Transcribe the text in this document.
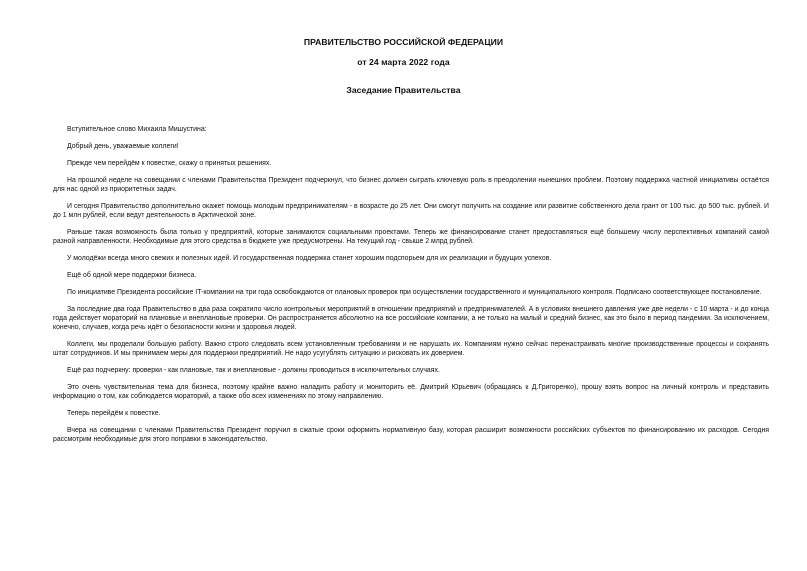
ПРАВИТЕЛЬСТВО РОССИЙСКОЙ ФЕДЕРАЦИИ
от 24 марта 2022 года
Заседание Правительства

Вступительное слово Михаила Мишустина:

Добрый день, уважаемые коллеги!

Прежде чем перейдём к повестке, скажу о принятых решениях.

На прошлой неделе на совещании с членами Правительства Президент подчеркнул, что бизнес должен сыграть ключевую роль в преодолении нынешних проблем. Поэтому поддержка частной инициативы остаётся для нас одной из приоритетных задач.

И сегодня Правительство дополнительно окажет помощь молодым предпринимателям - в возрасте до 25 лет. Они смогут получить на создание или развитие собственного дела грант от 100 тыс. до 500 тыс. рублей. И до 1 млн рублей, если ведут деятельность в Арктической зоне.

Раньше такая возможность была только у предприятий, которые занимаются социальными проектами. Теперь же финансирование станет предоставляться ещё большему числу перспективных компаний самой разной направленности. Необходимые для этого средства в бюджете уже предусмотрены. На текущий год - свыше 2 млрд рублей.

У молодёжи всегда много свежих и полезных идей. И государственная поддержка станет хорошим подспорьем для их реализации и будущих успехов.

Ещё об одной мере поддержки бизнеса.

По инициативе Президента российские IT-компании на три года освобождаются от плановых проверок при осуществлении государственного и муниципального контроля. Подписано соответствующее постановление.

За последние два года Правительство в два раза сократило число контрольных мероприятий в отношении предприятий и предпринимателей. А в условиях внешнего давления уже две недели - с 10 марта - и до конца года действует мораторий на плановые и внеплановые проверки. Он распространяется абсолютно на все российские компании, а не только на малый и средний бизнес, как это было в период пандемии. За исключением, конечно, случаев, когда речь идёт о безопасности жизни и здоровья людей.

Коллеги, мы проделали большую работу. Важно строго следовать всем установленным требованиям и не нарушать их. Компаниям нужно сейчас перенастраивать многие производственные процессы и сохранять штат сотрудников. И мы принимаем меры для поддержки предприятий. Не надо усугублять ситуацию и рисковать их доверием.

Ещё раз подчеркну: проверки - как плановые, так и внеплановые - должны проводиться в исключительных случаях.

Это очень чувствительная тема для бизнеса, поэтому крайне важно наладить работу и мониторить её. Дмитрий Юрьевич (обращаясь к Д.Григоренко), прошу взять вопрос на личный контроль и представить информацию о том, как соблюдается мораторий, а также обо всех изменениях по этому направлению.

Теперь перейдём к повестке.

Вчера на совещании с членами Правительства Президент поручил в сжатые сроки оформить нормативную базу, которая расширит возможности российских субъектов по финансированию их расходов. Сегодня рассмотрим необходимые для этого поправки в законодательство.
